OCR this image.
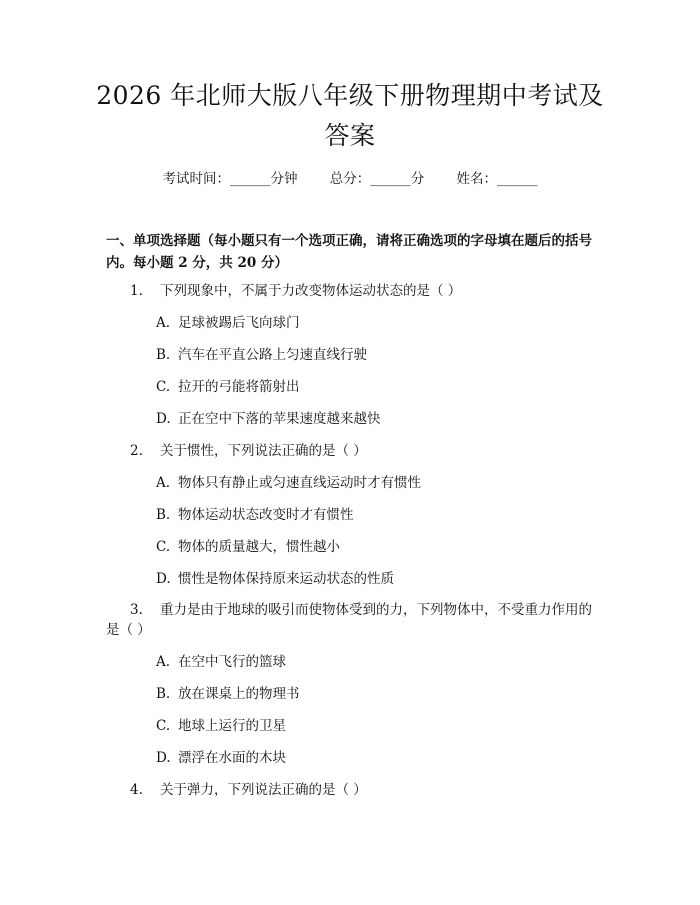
2026 年北师大版八年级下册物理期中考试及
答案
考试时间：______分钟 总分：______分 姓名：______
一、单项选择题（每小题只有一个选项正确，请将正确选项的字母填在题后的括号内。每小题 2 分，共 20 分）
1. 下列现象中，不属于力改变物体运动状态的是（ ）
A. 足球被踢后飞向球门
B. 汽车在平直公路上匀速直线行驶
C. 拉开的弓能将箭射出
D. 正在空中下落的苹果速度越来越快
2. 关于惯性，下列说法正确的是（ ）
A. 物体只有静止或匀速直线运动时才有惯性
B. 物体运动状态改变时才有惯性
C. 物体的质量越大，惯性越小
D. 惯性是物体保持原来运动状态的性质
3. 重力是由于地球的吸引而使物体受到的力，下列物体中，不受重力作用的
是（ ）
A. 在空中飞行的篮球
B. 放在课桌上的物理书
C. 地球上运行的卫星
D. 漂浮在水面的木块
4. 关于弹力，下列说法正确的是（ ）
